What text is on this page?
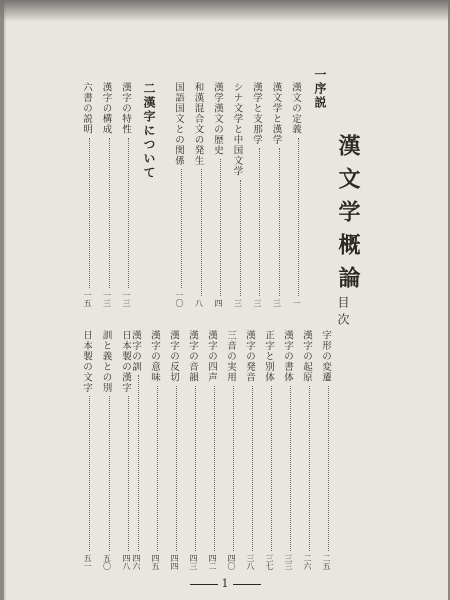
漢文学概論
目次
一序説
二漢字について	漢文の定義
一
漢文学と漢学
三
漢学と支那学
三
シナ文学と中国文学
三
漢学漢文の歴史
四
和漢混合文の発生
八
国語国文との関係
一〇
漢字の特性
一三
漢字の構成
一三
六書の説明
一五
字形の変遷
二五
漢字の起原
二六
漢字の書体
三三
正字と別体
三七
漢字の発音
三八
三音の実用
四〇
漢字の四声
四二
漢字の音韻
四三
漢字の反切
四四
漢字の意味
四五
漢字の訓
四六
日本製の漢字
四八
訓と義との別
五〇
日本製の文字
五一
1
